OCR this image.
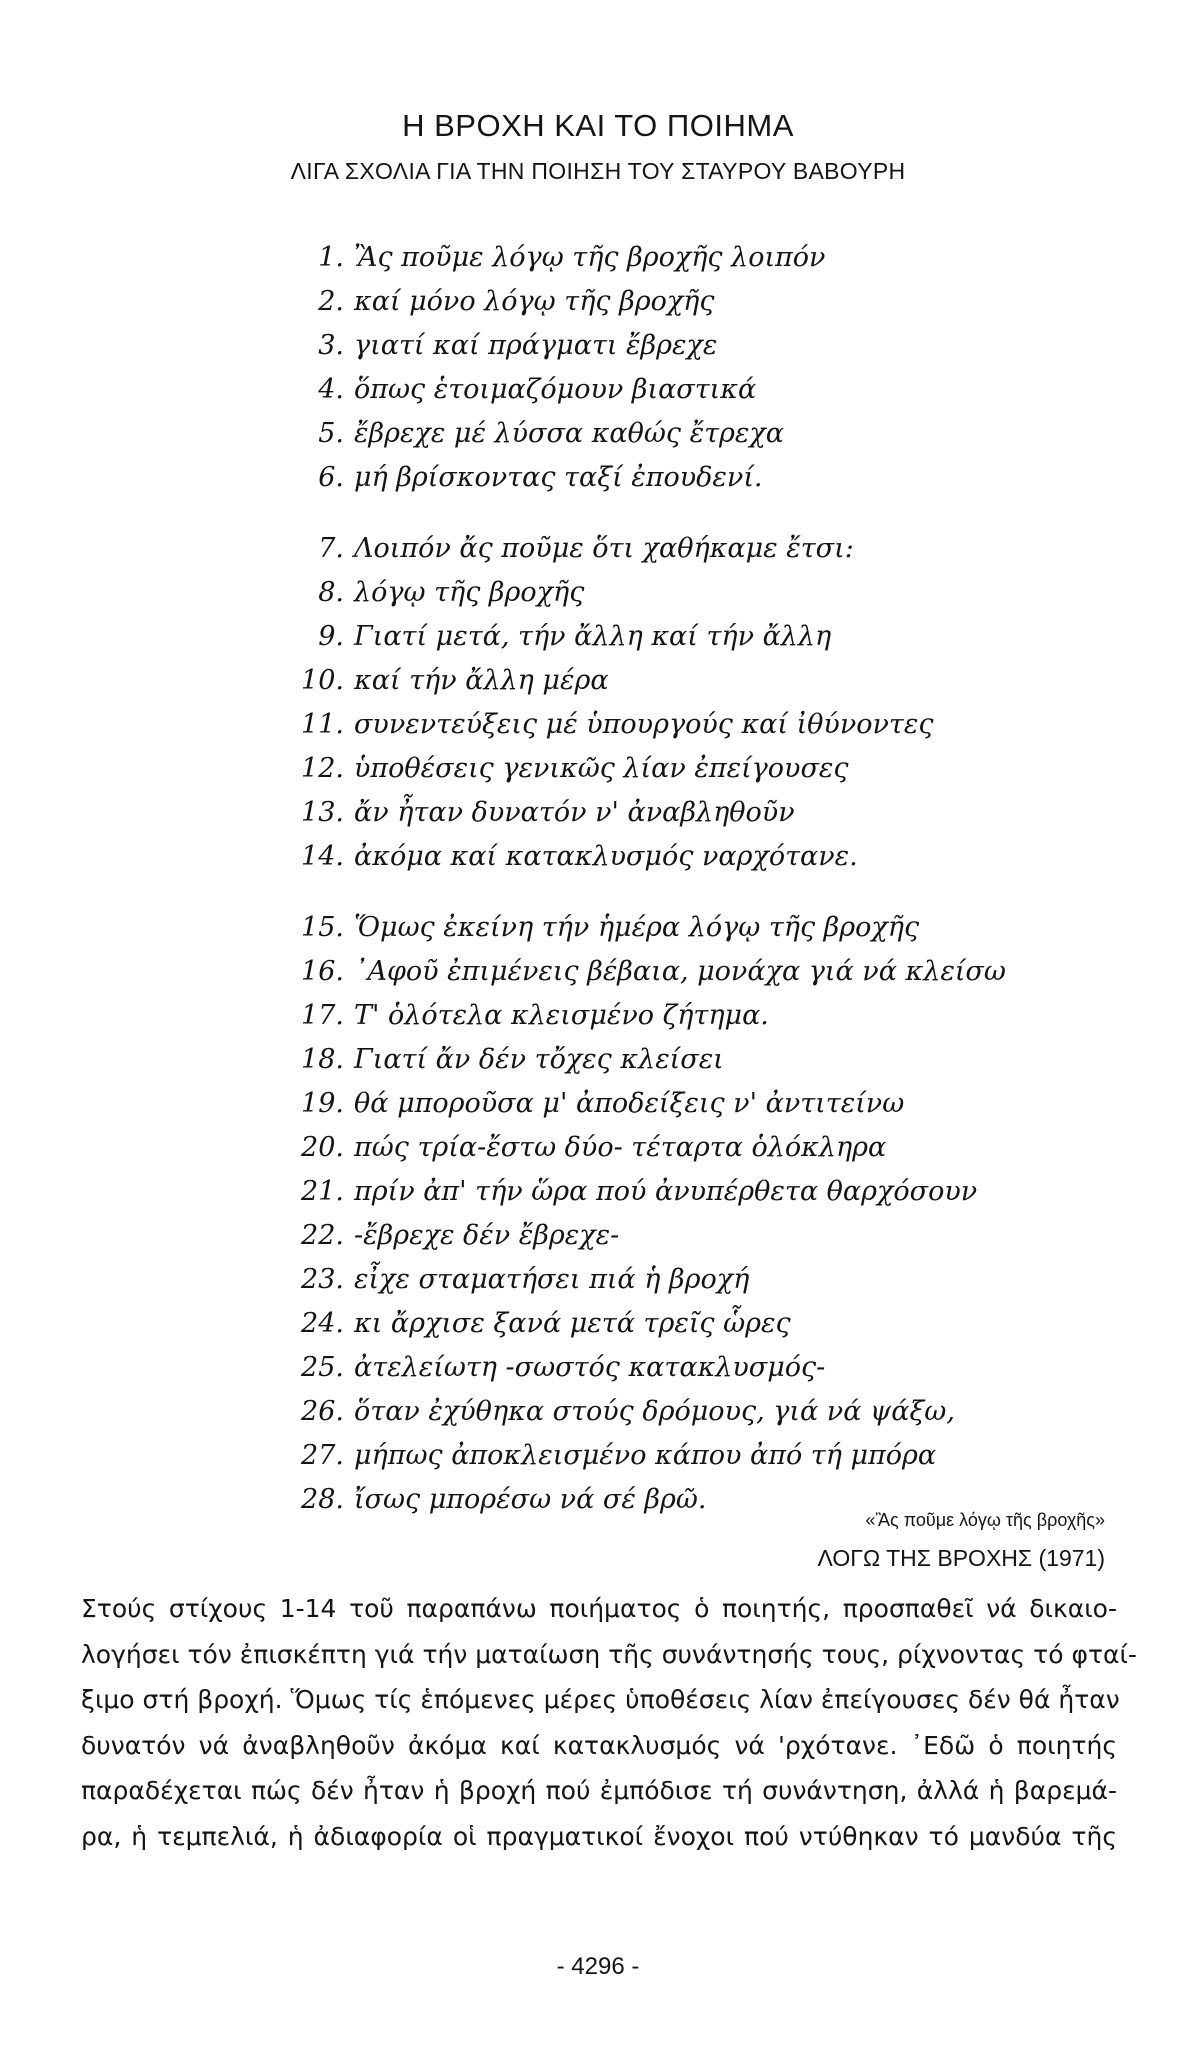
Η ΒΡΟΧΗ ΚΑΙ ΤΟ ΠΟΙΗΜΑ
ΛΙΓΑ ΣΧΟΛΙΑ ΓΙΑ ΤΗΝ ΠΟΙΗΣΗ ΤΟΥ ΣΤΑΥΡΟΥ ΒΑΒΟΥΡΗ
1. Ἂς ποῦμε λόγῳ τῆς βροχῆς λοιπόν
2. καί μόνο λόγῳ τῆς βροχῆς
3. γιατί καί πράγματι ἔβρεχε
4. ὅπως ἑτοιμαζόμουν βιαστικά
5. ἔβρεχε μέ λύσσα καθώς ἔτρεχα
6. μή βρίσκοντας ταξί ἐπουδενί.
7. Λοιπόν ἄς ποῦμε ὅτι χαθήκαμε ἔτσι:
8. λόγῳ τῆς βροχῆς
9. Γιατί μετά, τήν ἄλλη καί τήν ἄλλη
10. καί τήν ἄλλη μέρα
11. συνεντεύξεις μέ ὑπουργούς καί ἰθύνοντες
12. ὑποθέσεις γενικῶς λίαν ἐπείγουσες
13. ἄν ἦταν δυνατόν ν' ἀναβληθοῦν
14. ἀκόμα καί κατακλυσμός ναρχότανε.
15. Ὅμως ἐκείνη τήν ἡμέρα λόγῳ τῆς βροχῆς
16. ᾿Αφοῦ ἐπιμένεις βέβαια, μονάχα γιά νά κλείσω
17. Τ' ὁλότελα κλεισμένο ζήτημα.
18. Γιατί ἄν δέν τὄχες κλείσει
19. θά μποροῦσα μ' ἀποδείξεις ν' ἀντιτείνω
20. πώς τρία-ἔστω δύο- τέταρτα ὁλόκληρα
21. πρίν ἀπ' τήν ὥρα πού ἀνυπέρθετα θαρχόσουν
22. -ἔβρεχε δέν ἔβρεχε-
23. εἶχε σταματήσει πιά ἡ βροχή
24. κι ἄρχισε ξανά μετά τρεῖς ὧρες
25. ἀτελείωτη -σωστός κατακλυσμός-
26. ὅταν ἐχύθηκα στούς δρόμους, γιά νά ψάξω,
27. μήπως ἀποκλεισμένο κάπου ἀπό τή μπόρα
28. ἴσως μπορέσω νά σέ βρῶ.
«Ἂς ποῦμε λόγῳ τῆς βροχῆς»
ΛΟΓΩ ΤΗΣ ΒΡΟΧΗΣ (1971)
Στούς στίχους 1-14 τοῦ παραπάνω ποιήματος ὁ ποιητής, προσπαθεῖ νά δικαιο-
λογήσει τόν ἐπισκέπτη γιά τήν ματαίωση τῆς συνάντησής τους, ρίχνοντας τό φταί-
ξιμο στή βροχή. Ὅμως τίς ἑπόμενες μέρες ὑποθέσεις λίαν ἐπείγουσες δέν θά ἦταν
δυνατόν νά ἀναβληθοῦν ἀκόμα καί κατακλυσμός νά 'ρχότανε. ᾿Εδῶ ὁ ποιητής
παραδέχεται πώς δέν ἦταν ἡ βροχή πού ἐμπόδισε τή συνάντηση, ἀλλά ἡ βαρεμά-
ρα, ἡ τεμπελιά, ἡ ἀδιαφορία οἱ πραγματικοί ἔνοχοι πού ντύθηκαν τό μανδύα τῆς
- 4296 -
